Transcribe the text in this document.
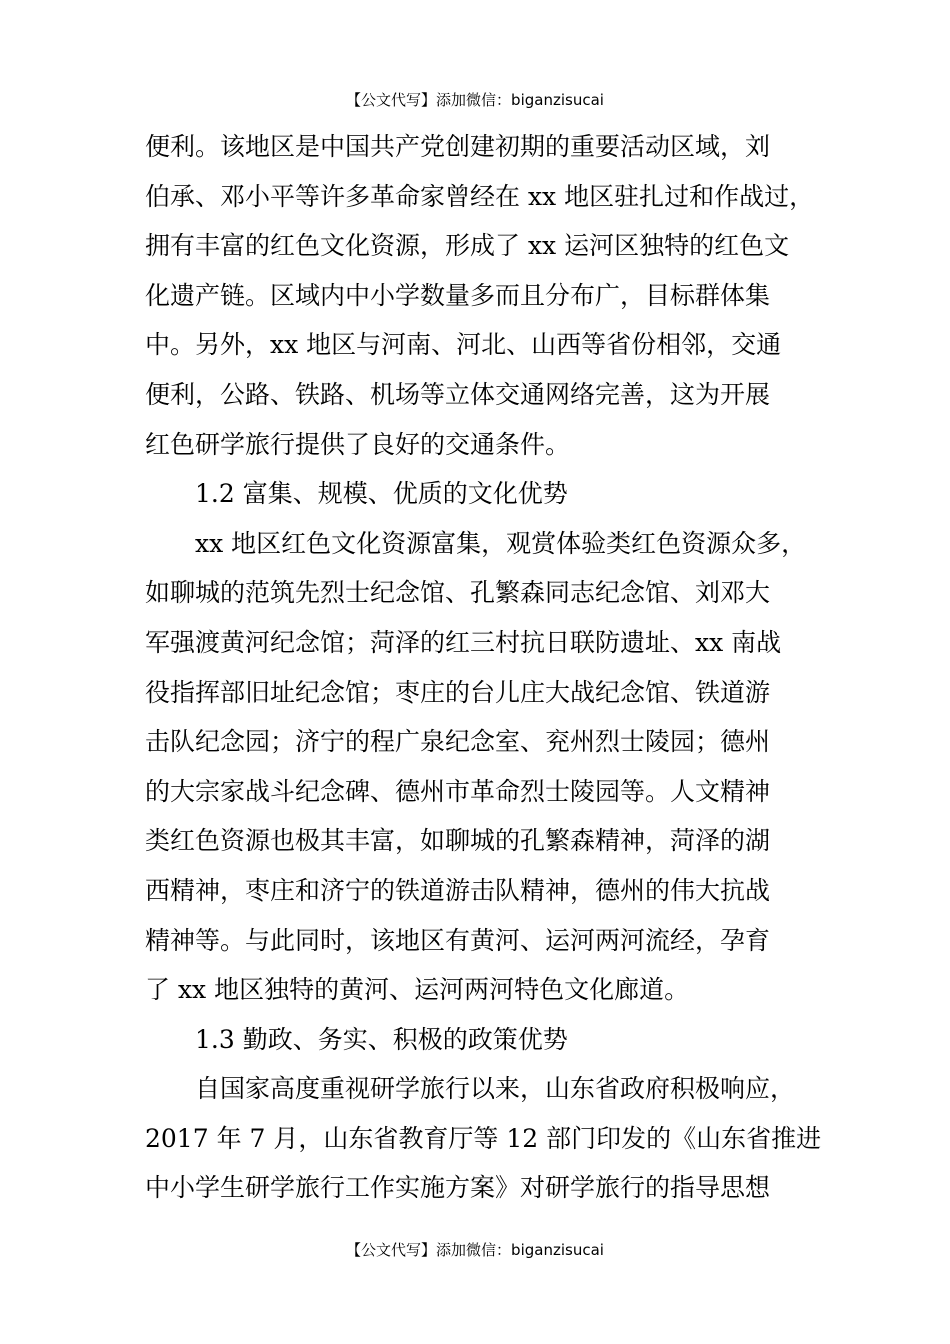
【公文代写】添加微信：biganzisucai
便利。该地区是中国共产党创建初期的重要活动区域，刘
伯承、邓小平等许多革命家曾经在 xx 地区驻扎过和作战过，
拥有丰富的红色文化资源，形成了 xx 运河区独特的红色文
化遗产链。区域内中小学数量多而且分布广，目标群体集
中。另外，xx 地区与河南、河北、山西等省份相邻，交通
便利，公路、铁路、机场等立体交通网络完善，这为开展
红色研学旅行提供了良好的交通条件。
1.2 富集、规模、优质的文化优势
xx 地区红色文化资源富集，观赏体验类红色资源众多，
如聊城的范筑先烈士纪念馆、孔繁森同志纪念馆、刘邓大
军强渡黄河纪念馆；菏泽的红三村抗日联防遗址、xx 南战
役指挥部旧址纪念馆；枣庄的台儿庄大战纪念馆、铁道游
击队纪念园；济宁的程广泉纪念室、兖州烈士陵园；德州
的大宗家战斗纪念碑、德州市革命烈士陵园等。人文精神
类红色资源也极其丰富，如聊城的孔繁森精神，菏泽的湖
西精神，枣庄和济宁的铁道游击队精神，德州的伟大抗战
精神等。与此同时，该地区有黄河、运河两河流经，孕育
了 xx 地区独特的黄河、运河两河特色文化廊道。
1.3 勤政、务实、积极的政策优势
自国家高度重视研学旅行以来，山东省政府积极响应，
2017 年 7 月，山东省教育厅等 12 部门印发的《山东省推进
中小学生研学旅行工作实施方案》对研学旅行的指导思想
【公文代写】添加微信：biganzisucai
